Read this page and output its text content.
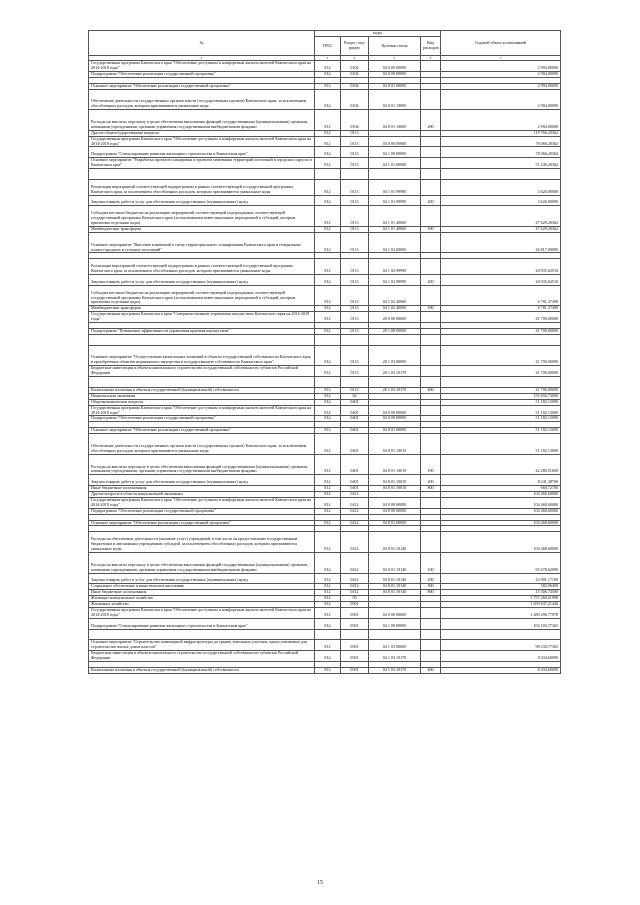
№	коды				Годовой объем ассигнований
	ГРБС	Раздел, под-раздел	Целевая статья	Вид расходов	
2	3	4	5	6	7
Государственная программа Камчатского края "Обеспечение доступным и комфортным жильем жителей Камчатского края на 2014-2018 годы"	812	0104	04 0 00 00000		2 994,00000
Подпрограмма "Обеспечение реализации государственной программы"	812	0104	04 8 00 00000		2 994,00000

Основное мероприятие "Обеспечение реализации государственной программы"	812	0104	04 8 01 00000		2 994,00000
Обеспечение деятельности государственных органов власти (государственных органов) Камчатского края, за исключением обособленных расходов, которым присваиваются уникальные коды	812	0104	04 8 01 10000		2 994,00000
Расходы на выплаты персоналу в целях обеспечения выполнения функций государственными (муниципальными) органами, казенными учреждениями, органами управления государственными внебюджетными фондами	812	0104	04 8 01 10000	200	2 994,00000
Другие общегосударственные вопросы	812	0113			119 766,20362
Государственная программа Камчатского края "Обеспечение доступным и комфортным жильем жителей Камчатского края на 2014-2018 годы"	812	0113	04 0 00 00000		78 066,20362
Подпрограмма "Стимулирование развития жилищного строительства в Камчатском крае"	812	0113	04 1 00 00000		78 066,20362
Основное мероприятие "Разработка проектов планировки и проектов межевания территорий поселений в городских округах в Камчатском крае"	812	0113	04 1 01 00000		51 249,20362

Реализация мероприятий соответствующей подпрограммы в рамках соответствующей государственной программы Камчатского края, за исключением обособленных расходов, которым присваиваются уникальные коды	812	0113	04 1 01 99990		3 620,00000
Закупка товаров, работ и услуг для обеспечения государственных (муниципальных) нужд	812	0113	04 1 01 99990	200	3 620,00000
Субсидия местным бюджетам на реализацию мероприятий соответствующей подпрограммы соответствующей государственной программы Камчатского края (за исключением инвестиционных мероприятий и субсидий, которым присвоены отдельные коды)	812	0113	04 1 01 40060		47 629,20362
Межбюджетные трансферты	812	0113	04 1 01 40060	500	47 629,20362
Основное мероприятие "Внесение изменений в схему территориального планирования Камчатского края и генеральные планы городских и сельских поселений"	812	0113	04 1 02 00000		26 817,00000

Реализация мероприятий соответствующей подпрограммы в рамках соответствующей государственной программы Камчатского края, за исключением обособленных расходов, которым присваиваются уникальные коды	812	0113	04 1 02 99990		20 035,62510
Закупка товаров, работ и услуг для обеспечения государственных (муниципальных) нужд	812	0113	04 1 02 99990	200	20 035,62510
Субсидия местным бюджетам на реализацию мероприятий соответствующей подпрограммы соответствующей государственной программы Камчатского края (за исключением инвестиционных мероприятий и субсидий, которым присвоены отдельные коды)	812	0113	04 1 02 40060		6 781,37490
Межбюджетные трансферты	812	0113	04 1 02 40060	500	6 781,37490
Государственная программа Камчатского края "Совершенствование управления имуществом Камчатского края на 2014-2018 годы"	812	0113	20 0 00 00000		41 700,00000

Подпрограмма "Повышение эффективности управления краевым имуществом"	812	0113	20 1 00 00000		41 700,00000

Основное мероприятие "Осуществление капитальных вложений в объекты государственной собственности Камчатского края и приобретение объектов недвижимого имущества в государственную собственность Камчатского края"	812	0113	20 1 03 00000		41 700,00000
Бюджетные инвестиции в объекты капитального строительства государственной собственности субъектов Российской Федерации	812	0113	20 1 03 10170		41 700,00000

Капитальные вложения в объекты государственной (муниципальной) собственности	812	0113	20 1 03 10170	400	41 700,00000
Национальная экономика	812	04			155 650,73000
Общеэкономические вопросы	812	0401			51 182,13000
Государственная программа Камчатского края "Обеспечение доступным и комфортным жильем жителей Камчатского края на 2014-2018 годы"	812	0401	04 0 00 00000		51 182,13000
Подпрограмма "Обеспечение реализации государственной программы"	812	0401	04 8 00 00000		51 182,13000

Основное мероприятие "Обеспечение реализации государственной программы"	812	0401	04 8 01 00000		51 182,13000
Обеспечение деятельности государственных органов власти (государственных органов) Камчатского края, за исключением обособленных расходов, которым присваиваются уникальные коды	812	0401	04 8 01 10010		51 182,13000
Расходы на выплаты персоналу в целях обеспечения выполнения функций государственными (муниципальными) органами, казенными учреждениями, органами управления государственными внебюджетными фондами	812	0401	04 8 01 10010	100	42 280,01600
Закупка товаров, работ и услуг для обеспечения государственных (муниципальных) нужд	812	0401	04 8 01 10010	200	8 241,38700
Иные бюджетные ассигнования	812	0401	04 8 01 10010	800	660,72700
Другие вопросы в области национальной экономики	812	0412			104 468,60000
Государственная программа Камчатского края "Обеспечение доступным и комфортным жильем жителей Камчатского края на 2014-2018 годы"	812	0412	04 0 00 00000		104 468,60000
Подпрограмма "Обеспечение реализации государственной программы"	812	0412	04 8 00 00000		104 468,60000

Основное мероприятие "Обеспечение реализации государственной программы"	812	0412	04 8 01 00000		104 468,60000

Расходы на обеспечение деятельности (оказание услуг) учреждений, в том числе на предоставление государственным бюджетным и автономным учреждениям субсидий, за исключением обособленных расходов, которым присваиваются уникальные коды	812	0412	04 8 01 10140		104 468,60000
Расходы на выплаты персоналу в целях обеспечения выполнения функций государственными (муниципальными) органами, казенными учреждениями, органами управления государственными внебюджетными фондами	812	0412	04 8 01 10140	100	65 678,62000
Закупка товаров, работ и услуг для обеспечения государственных (муниципальных) нужд	812	0412	04 8 01 10140	200	22 901,17100
Социальное обеспечение и иные выплаты населению	812	0412	04 8 01 10140	300	582,06400
Иные бюджетные ассигнования	812	0412	04 8 01 10140	800	15 306,74500
Жилищно-коммунальное хозяйство	812	05			1 757 269,01996
Жилищное хозяйство	812	0501			1 659 637,21446
Государственная программа Камчатского края "Обеспечение доступным и комфортным жильем жителей Камчатского края на 2014-2018 годы"	812	0501	04 0 00 00000		1 489 296,77978
Подпрограмма "Стимулирование развития жилищного строительства в Камчатском крае"	812	0501	04 1 00 00000		102 103,77365

Основное мероприятие "Строительство инженерной инфраструктуры до границ земельных участков, предоставляемых для строительства жилых домов классов"	812	0501	04 1 03 00000		98 230,77365
Бюджетные инвестиции в объекты капитального строительства государственной собственности субъектов Российской Федерации	812	0501	04 1 03 10170		8 434,60000

Капитальные вложения в объекты государственной (муниципальной) собственности	812	0501	04 1 03 10170	400	8 434,60000
15
